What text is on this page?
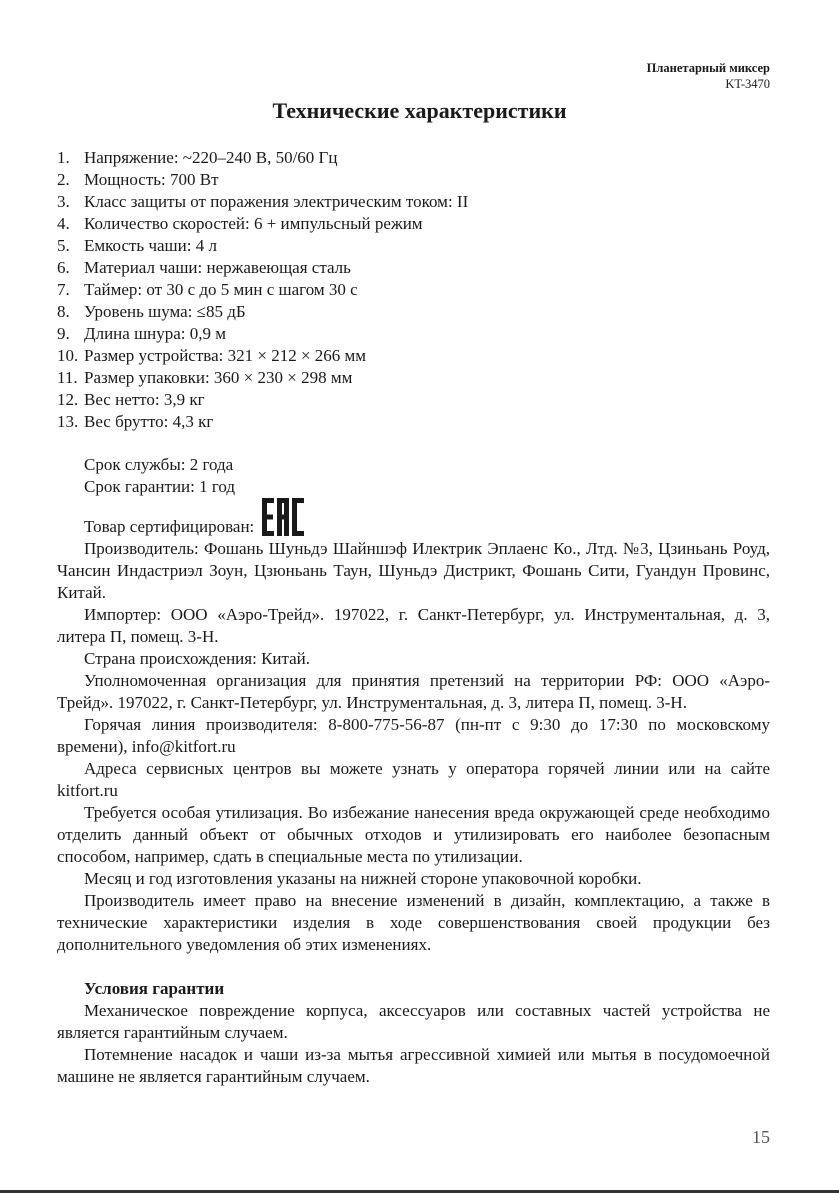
Планетарный миксер
KT-3470
Технические характеристики
1. Напряжение: ~220–240 В, 50/60 Гц
2. Мощность: 700 Вт
3. Класс защиты от поражения электрическим током: II
4. Количество скоростей: 6 + импульсный режим
5. Емкость чаши: 4 л
6. Материал чаши: нержавеющая сталь
7. Таймер: от 30 с до 5 мин с шагом 30 с
8. Уровень шума: ≤85 дБ
9. Длина шнура: 0,9 м
10. Размер устройства: 321 × 212 × 266 мм
11. Размер упаковки: 360 × 230 × 298 мм
12. Вес нетто: 3,9 кг
13. Вес брутто: 4,3 кг

Срок службы: 2 года

Срок гарантии: 1 год

Товар сертифицирован:

Производитель: Фошань Шуньдэ Шайншэф Илектрик Эплаенс Ко., Лтд. №3, Цзиньань Роуд, Чансин Индастриэл Зоун, Цзюньань Таун, Шуньдэ Дистрикт, Фошань Сити, Гуандун Провинс, Китай.

Импортер: ООО «Аэро-Трейд». 197022, г. Санкт-Петербург, ул. Инструментальная, д. 3, литера П, помещ. 3-Н.

Страна происхождения: Китай.

Уполномоченная организация для принятия претензий на территории РФ: ООО «Аэро-Трейд». 197022, г. Санкт-Петербург, ул. Инструментальная, д. 3, литера П, помещ. 3-Н.

Горячая линия производителя: 8-800-775-56-87 (пн-пт с 9:30 до 17:30 по московскому времени), info@kitfort.ru

Адреса сервисных центров вы можете узнать у оператора горячей линии или на сайте kitfort.ru

Требуется особая утилизация. Во избежание нанесения вреда окружающей среде необходимо отделить данный объект от обычных отходов и утилизировать его наиболее безопасным способом, например, сдать в специальные места по утилизации.

Месяц и год изготовления указаны на нижней стороне упаковочной коробки.

Производитель имеет право на внесение изменений в дизайн, комплектацию, а также в технические характеристики изделия в ходе совершенствования своей продукции без дополнительного уведомления об этих изменениях.

Условия гарантии

Механическое повреждение корпуса, аксессуаров или составных частей устройства не является гарантийным случаем.

Потемнение насадок и чаши из-за мытья агрессивной химией или мытья в посудомоечной машине не является гарантийным случаем.

15
